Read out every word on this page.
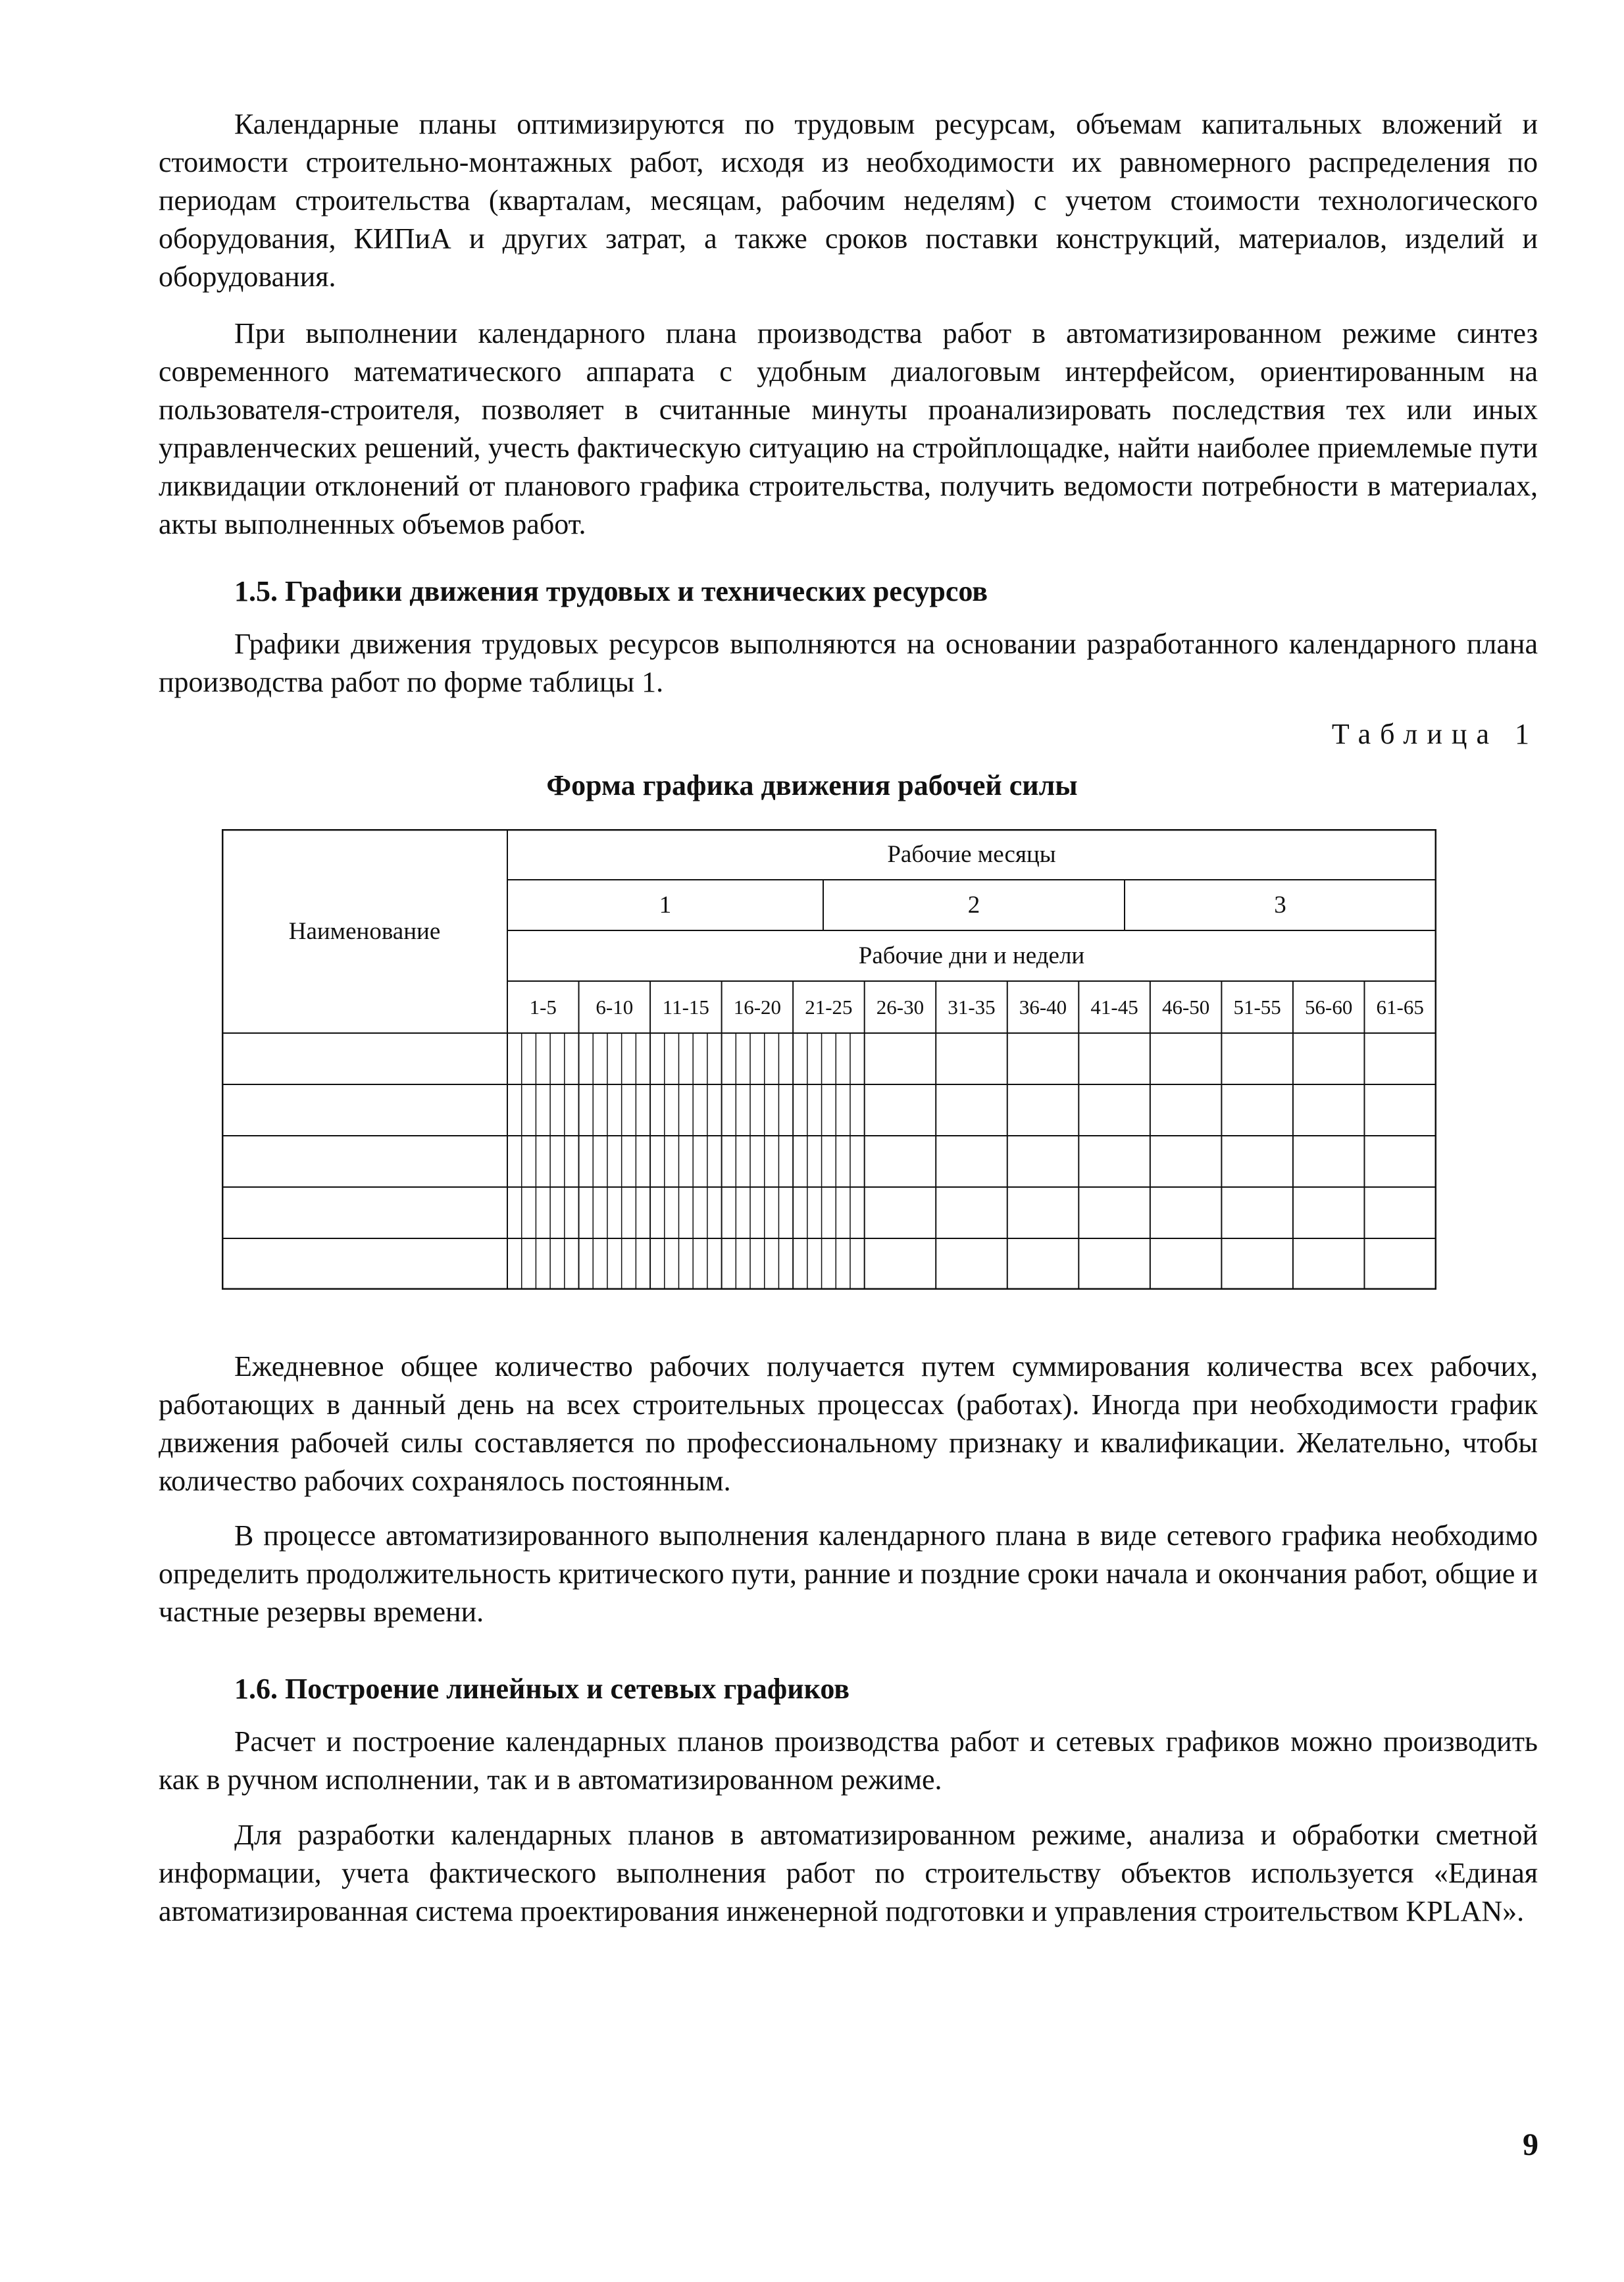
Календарные планы оптимизируются по трудовым ресурсам, объемам капитальных вложений и стоимости строительно-монтажных работ, исходя из необходимости их равномерного распределения по периодам строительства (кварталам, месяцам, рабочим неделям) с учетом стоимости технологического оборудования, КИПиА и других затрат, а также сроков поставки конструкций, материалов, изделий и оборудования.

При выполнении календарного плана производства работ в автоматизированном режиме синтез современного математического аппарата с удобным диалоговым интерфейсом, ориентированным на пользователя-строителя, позволяет в считанные минуты проанализировать последствия тех или иных управленческих решений, учесть фактическую ситуацию на стройплощадке, найти наиболее приемлемые пути ликвидации отклонений от планового графика строительства, получить ведомости потребности в материалах, акты выполненных объемов работ.

1.5. Графики движения трудовых и технических ресурсов

Графики движения трудовых ресурсов выполняются на основании разработанного календарного плана производства работ по форме таблицы 1.

Таблица 1
Форма графика движения рабочей силы
Наименование
Рабочие месяцы
1	2	3
Рабочие дни и недели
1-5	6-10	11-15	16-20	21-25	26-30	31-35	36-40	41-45	46-50	51-55	56-60	61-65

Ежедневное общее количество рабочих получается путем суммирования количества всех рабочих, работающих в данный день на всех строительных процессах (работах). Иногда при необходимости график движения рабочей силы составляется по профессиональному признаку и квалификации. Желательно, чтобы количество рабочих сохранялось постоянным.

В процессе автоматизированного выполнения календарного плана в виде сетевого графика необходимо определить продолжительность критического пути, ранние и поздние сроки начала и окончания работ, общие и частные резервы времени.

1.6. Построение линейных и сетевых графиков

Расчет и построение календарных планов производства работ и сетевых графиков можно производить как в ручном исполнении, так и в автоматизированном режиме.

Для разработки календарных планов в автоматизированном режиме, анализа и обработки сметной информации, учета фактического выполнения работ по строительству объектов используется «Единая автоматизированная система проектирования инженерной подготовки и управления строительством KPLAN».

9
